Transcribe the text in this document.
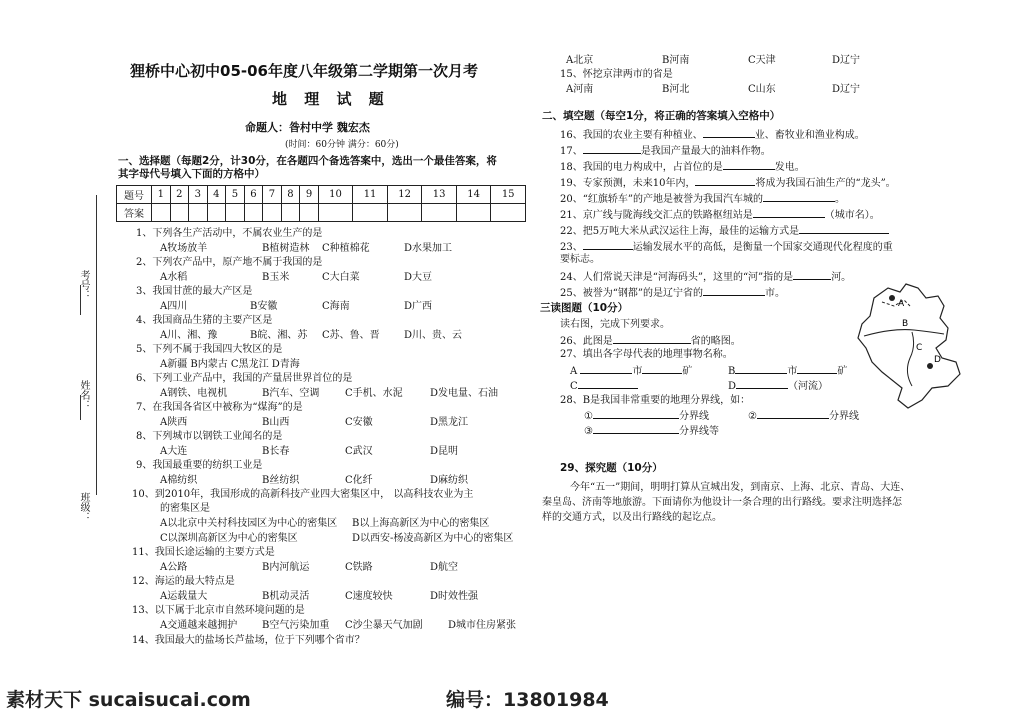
考号：
姓名：
班级：
狸桥中心初中05-06年度八年级第二学期第一次月考
地 理 试 题
命题人：昝村中学 魏宏杰
(时间：60分钟 满分：60分)
一、选择题（每题2分，计30分，在各题四个备选答案中，选出一个最佳答案，将
其字母代号填入下面的方格中）
题号	1	2	3	4	5	6	7	8	9	10	11	12	13	14	15
答案															
1、下列各生产活动中，不属农业生产的是
A牧场放羊	B植树造林 C种植棉花	D水果加工
2、下列农产品中，原产地不属于我国的是
A水稻	B玉米	C大白菜	D大豆
3、我国甘蔗的最大产区是
A四川	B安徽	C海南	D广西
4、我国商品生猪的主要产区是
A川、湘、豫	B皖、湘、苏 C苏、鲁、晋 D川、贵、云
5、下列不属于我国四大牧区的是
A新疆 B内蒙古 C黑龙江 D青海
6、下列工业产品中，我国的产量居世界首位的是
A钢铁、电视机	B汽车、空调	C手机、水泥	D发电量、石油
7、在我国各省区中被称为“煤海”的是
A陕西	B山西	C安徽	D黑龙江
8、下列城市以钢铁工业闻名的是
A大连	B长春	C武汉	D昆明
9、我国最重要的纺织工业是
A棉纺织	B丝纺织	C化纤	D麻纺织
10、到2010年，我国形成的高新科技产业四大密集区中， 以高科技农业为主
的密集区是
A以北京中关村科技园区为中心的密集区 B以上海高新区为中心的密集区
C以深圳高新区为中心的密集区	D以西安-杨凌高新区为中心的密集区
11、我国长途运输的主要方式是
A公路	B内河航运	C铁路	D航空
12、海运的最大特点是
A运载量大	B机动灵活	C速度较快	D时效性强
13、以下属于北京市自然环境问题的是
A交通越来越拥护 B空气污染加重 C沙尘暴天气加剧	D城市住房紧张
14、我国最大的盐场长芦盐场，位于下列哪个省市？
A北京	B河南	C天津	D辽宁
15、怀挖京津两市的省是
A河南	B河北	C山东	D辽宁
二、填空题（每空1分，将正确的答案填入空格中）
16、我国的农业主要有种植业、	业、畜牧业和渔业构成。
17、	是我国产量最大的油料作物。
18、我国的电力构成中，占首位的是	发电。
19、专家预测，未来10年内，	将成为我国石油生产的“龙头”。
20、“红旗轿车”的产地是被誉为我国汽车城的	。
21、京广线与陇海线交汇点的铁路枢纽站是	（城市名）。
22、把5万吨大米从武汉运往上海，最佳的运输方式是
23、	运输发展水平的高低，是衡量一个国家交通现代化程度的重
要标志。
24、人们常说天津是“河海码头”，这里的“河”指的是	河。
25、被誉为“钢都”的是辽宁省的	市。
三读图题（10分）
读右图，完成下列要求。
26、此图是	省的略图。
27、填出各字母代表的地理事物名称。
A	市	矿	B	市	矿
C	D	（河流）
28、B是我国非常重要的地理分界线，如：
①	分界线	②	分界线
③	分界线等
A
B
C
D
29、探究题（10分）
今年“五一”期间，明明打算从宣城出发，到南京、上海、北京、青岛、大连、
秦皇岛、济南等地旅游。下面请你为他设计一条合理的出行路线。要求注明选择怎
样的交通方式，以及出行路线的起讫点。
素材天下 sucaisucai.com	编号：13801984
